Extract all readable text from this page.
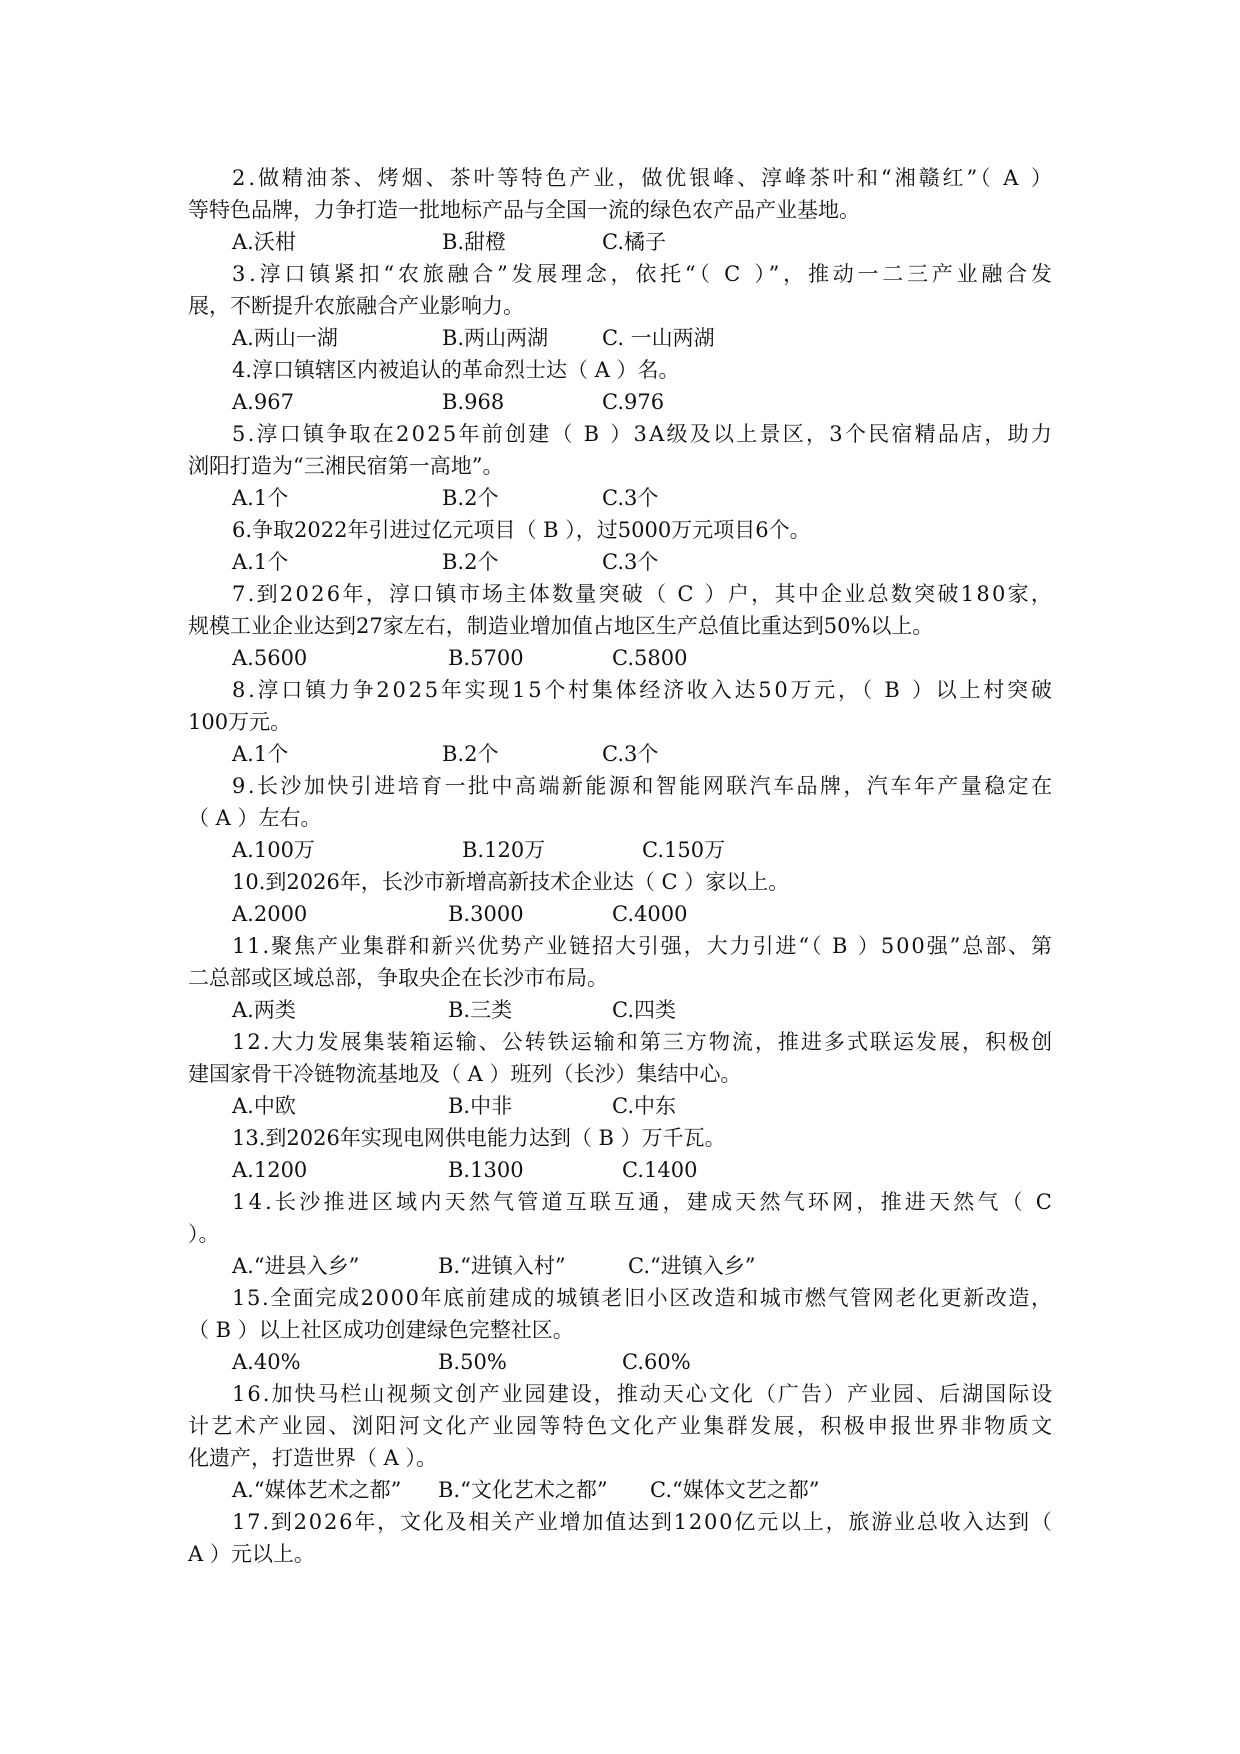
2.做精油茶、烤烟、茶叶等特色产业，做优银峰、淳峰茶叶和“湘赣红”（ A ）
等特色品牌，力争打造一批地标产品与全国一流的绿色农产品产业基地。
A.沃柑	B.甜橙	C.橘子
3.淳口镇紧扣“农旅融合”发展理念，依托“（ C ）”，推动一二三产业融合发
展，不断提升农旅融合产业影响力。
A.两山一湖	B.两山两湖	C. 一山两湖
4.淳口镇辖区内被追认的革命烈士达（ A ）名。
A.967	B.968	C.976
5.淳口镇争取在2025年前创建（ B ）3A级及以上景区，3个民宿精品店，助力
浏阳打造为“三湘民宿第一高地”。
A.1个	B.2个	C.3个
6.争取2022年引进过亿元项目（ B ），过5000万元项目6个。
A.1个	B.2个	C.3个
7.到2026年，淳口镇市场主体数量突破（ C ）户，其中企业总数突破180家，
规模工业企业达到27家左右，制造业增加值占地区生产总值比重达到50%以上。
A.5600	B.5700	C.5800
8.淳口镇力争2025年实现15个村集体经济收入达50万元，（ B ）以上村突破
100万元。
A.1个	B.2个	C.3个
9.长沙加快引进培育一批中高端新能源和智能网联汽车品牌，汽车年产量稳定在
（ A ）左右。
A.100万	B.120万	C.150万
10.到2026年，长沙市新增高新技术企业达（ C ）家以上。
A.2000	B.3000	C.4000
11.聚焦产业集群和新兴优势产业链招大引强，大力引进“（ B ）500强”总部、第
二总部或区域总部，争取央企在长沙市布局。
A.两类	B.三类	C.四类
12.大力发展集装箱运输、公转铁运输和第三方物流，推进多式联运发展，积极创
建国家骨干冷链物流基地及（ A ）班列（长沙）集结中心。
A.中欧	B.中非	C.中东
13.到2026年实现电网供电能力达到（ B ）万千瓦。
A.1200	B.1300	C.1400
14.长沙推进区域内天然气管道互联互通，建成天然气环网，推进天然气（ C
）。
A.“进县入乡”	B.“进镇入村”	C.“进镇入乡”
15.全面完成2000年底前建成的城镇老旧小区改造和城市燃气管网老化更新改造，
（ B ）以上社区成功创建绿色完整社区。
A.40%	B.50%	C.60%
16.加快马栏山视频文创产业园建设，推动天心文化（广告）产业园、后湖国际设
计艺术产业园、浏阳河文化产业园等特色文化产业集群发展，积极申报世界非物质文
化遗产，打造世界（ A ）。
A.“媒体艺术之都” B.“文化艺术之都” C.“媒体文艺之都”
17.到2026年，文化及相关产业增加值达到1200亿元以上，旅游业总收入达到（
A ）元以上。
